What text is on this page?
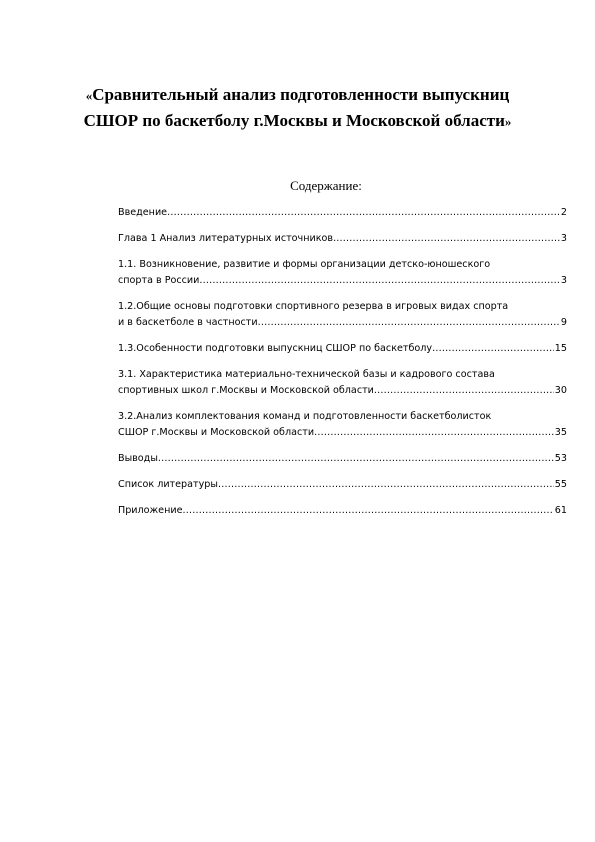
«Сравнительный анализ подготовленности выпускниц
СШОР по баскетболу г.Москвы и Московской области»
Содержание:
Введение .....	2
Глава 1 Анализ литературных источников .....	3
1.1. Возникновение, развитие и формы организации детско-юношеского
спорта в России .....	3
1.2.Общие основы подготовки спортивного резерва в игровых видах спорта
и в баскетболе в частности .....	9
1.3.Особенности подготовки выпускниц СШОР по баскетболу .....	15
3.1. Характеристика материально-технической базы и кадрового состава
спортивных школ г.Москвы и Московской области .....	30
3.2.Анализ комплектования команд и подготовленности баскетболисток
СШОР г.Москвы и Московской области .....	35
Выводы .....	53
Список литературы .....	55
Приложение .....	61
